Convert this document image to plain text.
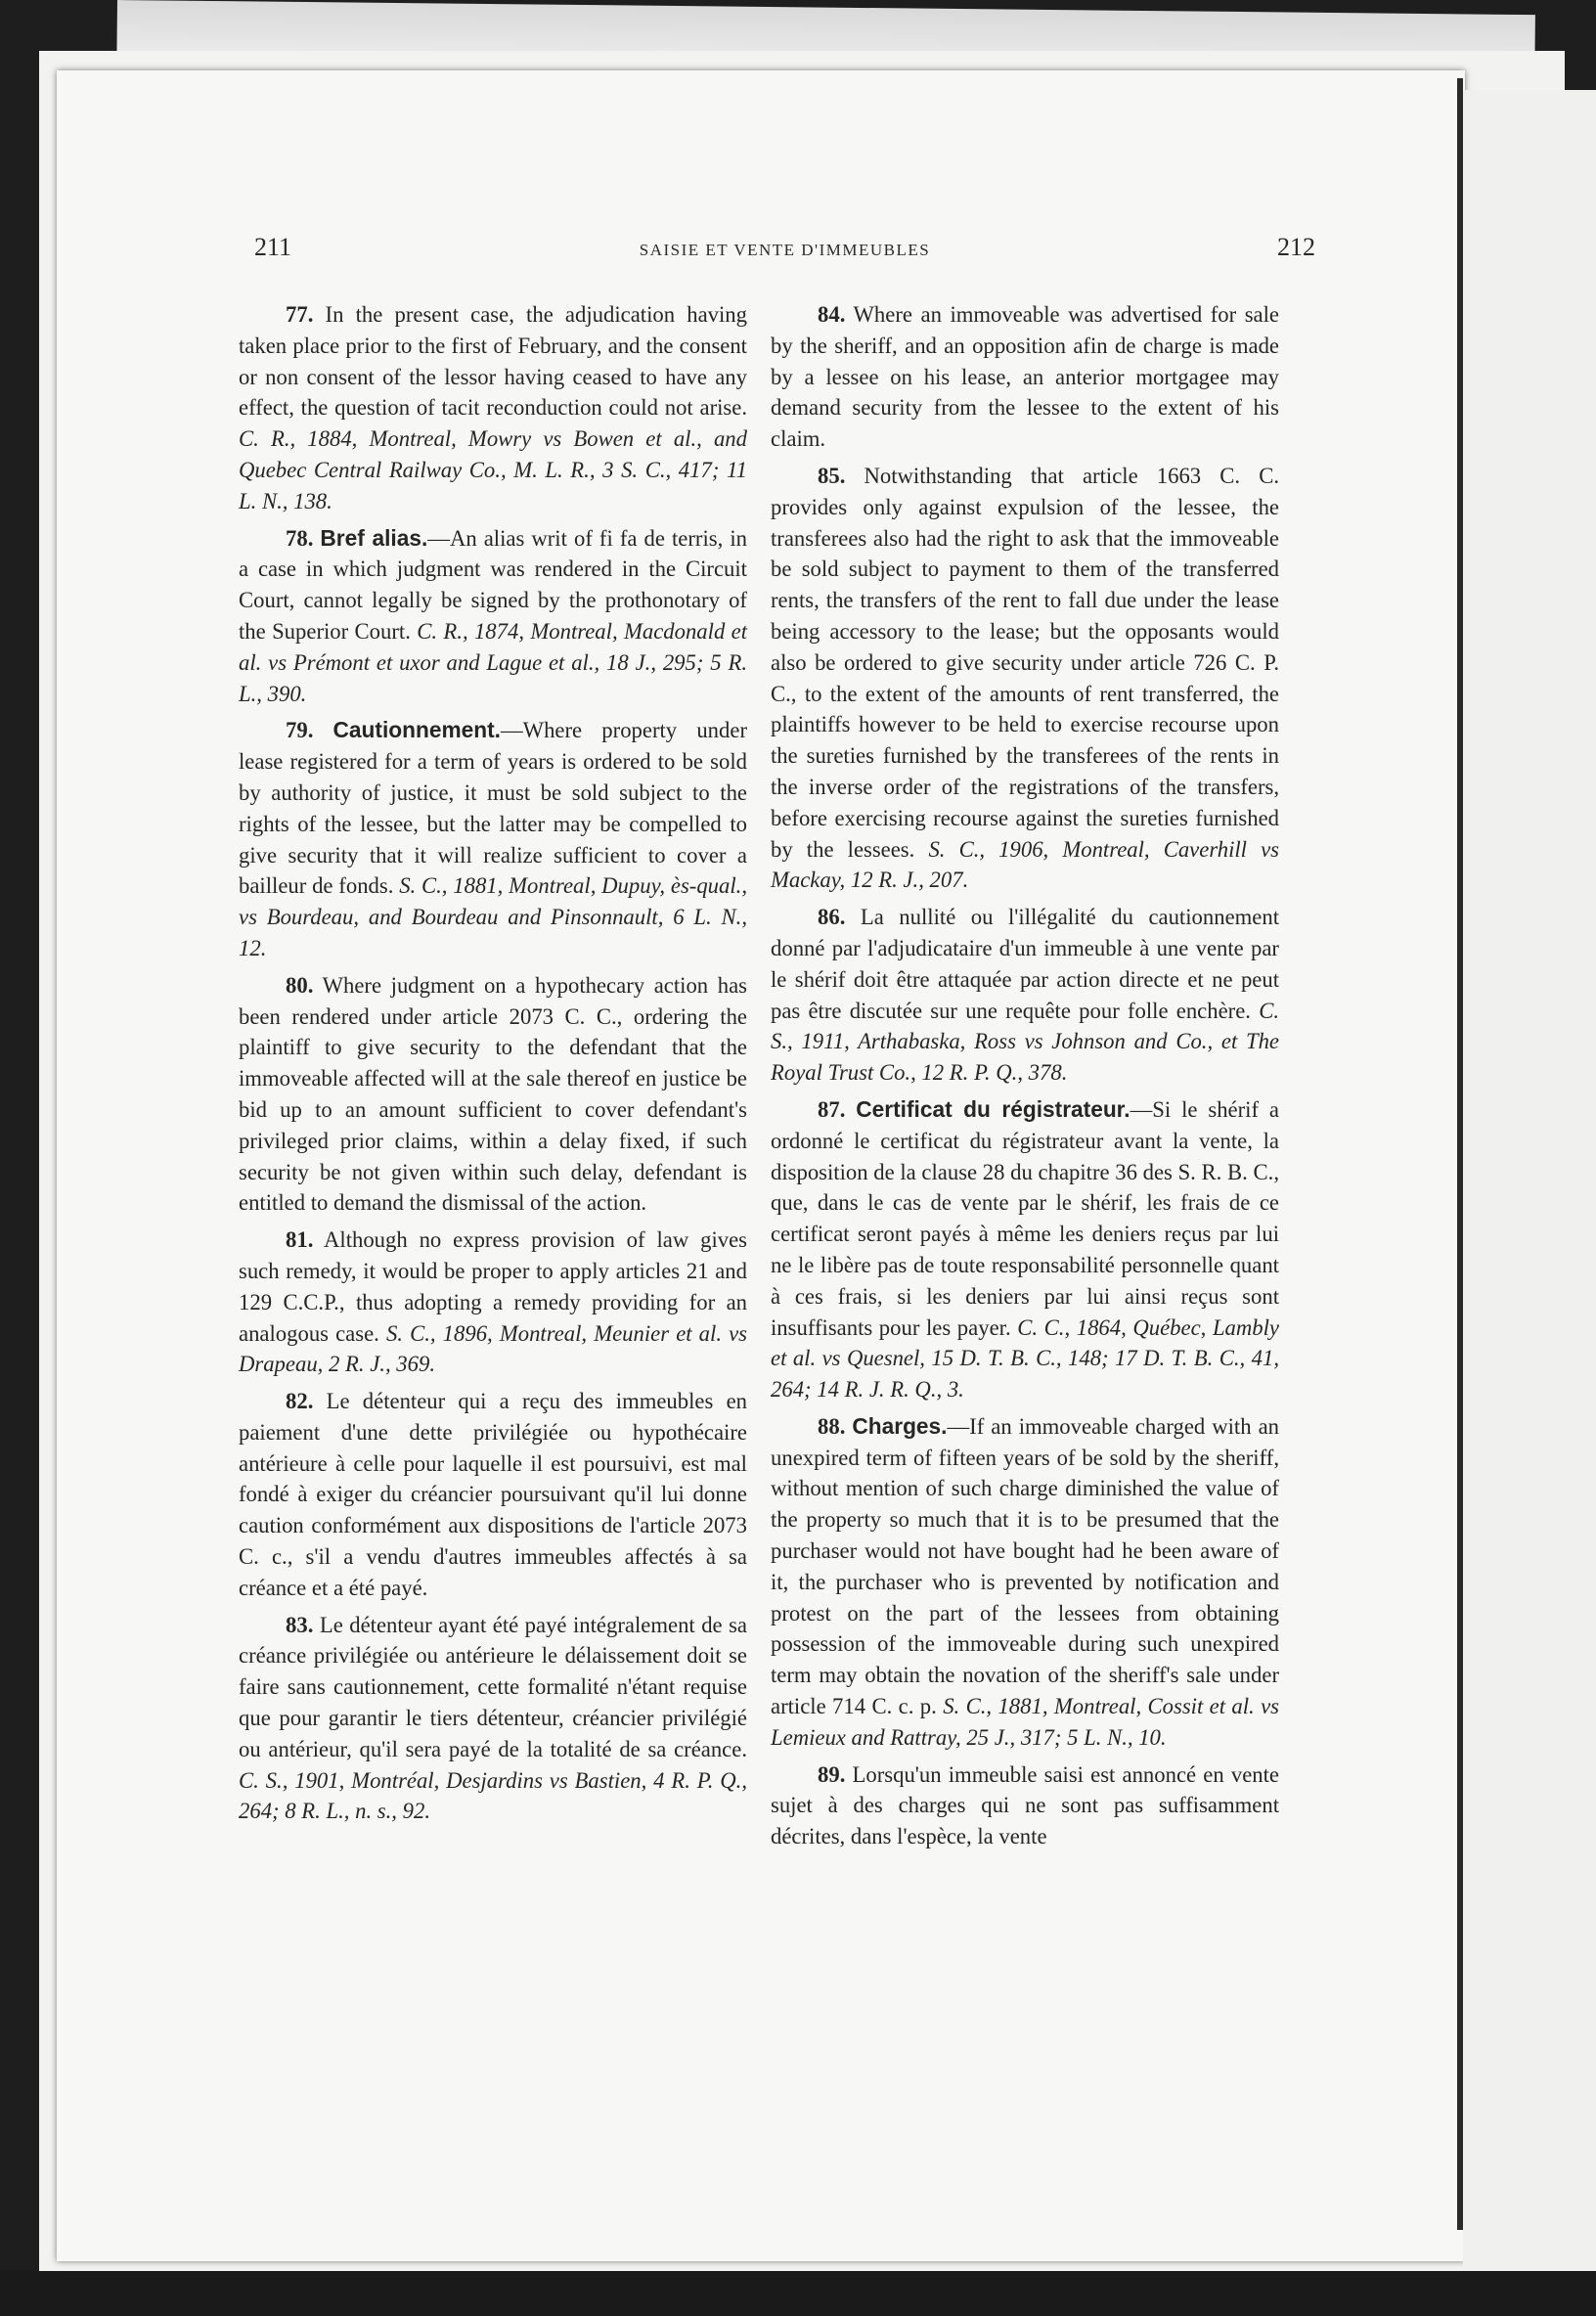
211	SAISIE ET VENTE D'IMMEUBLES	212

77. In the present case, the adjudication having taken place prior to the first of February, and the consent or non consent of the lessor having ceased to have any effect, the question of tacit reconduction could not arise. C. R., 1884, Montreal, Mowry vs Bowen et al., and Quebec Central Railway Co., M. L. R., 3 S. C., 417; 11 L. N., 138.

78. Bref alias.—An alias writ of fi fa de terris, in a case in which judgment was rendered in the Circuit Court, cannot legally be signed by the prothonotary of the Superior Court. C. R., 1874, Montreal, Macdonald et al. vs Prémont et uxor and Lague et al., 18 J., 295; 5 R. L., 390.

79. Cautionnement.—Where property under lease registered for a term of years is ordered to be sold by authority of justice, it must be sold subject to the rights of the lessee, but the latter may be compelled to give security that it will realize sufficient to cover a bailleur de fonds. S. C., 1881, Montreal, Dupuy, ès-qual., vs Bourdeau, and Bourdeau and Pinsonnault, 6 L. N., 12.

80. Where judgment on a hypothecary action has been rendered under article 2073 C. C., ordering the plaintiff to give security to the defendant that the immoveable affected will at the sale thereof en justice be bid up to an amount sufficient to cover defendant's privileged prior claims, within a delay fixed, if such security be not given within such delay, defendant is entitled to demand the dismissal of the action.

81. Although no express provision of law gives such remedy, it would be proper to apply articles 21 and 129 C.C.P., thus adopting a remedy providing for an analogous case. S. C., 1896, Montreal, Meunier et al. vs Drapeau, 2 R. J., 369.

82. Le détenteur qui a reçu des immeubles en paiement d'une dette privilégiée ou hypothécaire antérieure à celle pour laquelle il est poursuivi, est mal fondé à exiger du créancier poursuivant qu'il lui donne caution conformément aux dispositions de l'article 2073 C. c., s'il a vendu d'autres immeubles affectés à sa créance et a été payé.

83. Le détenteur ayant été payé intégralement de sa créance privilégiée ou antérieure le délaissement doit se faire sans cautionnement, cette formalité n'étant requise que pour garantir le tiers détenteur, créancier privilégié ou antérieur, qu'il sera payé de la totalité de sa créance. C. S., 1901, Montréal, Desjardins vs Bastien, 4 R. P. Q., 264; 8 R. L., n. s., 92.

84. Where an immoveable was advertised for sale by the sheriff, and an opposition afin de charge is made by a lessee on his lease, an anterior mortgagee may demand security from the lessee to the extent of his claim.

85. Notwithstanding that article 1663 C. C. provides only against expulsion of the lessee, the transferees also had the right to ask that the immoveable be sold subject to payment to them of the transferred rents, the transfers of the rent to fall due under the lease being accessory to the lease; but the opposants would also be ordered to give security under article 726 C. P. C., to the extent of the amounts of rent transferred, the plaintiffs however to be held to exercise recourse upon the sureties furnished by the transferees of the rents in the inverse order of the registrations of the transfers, before exercising recourse against the sureties furnished by the lessees. S. C., 1906, Montreal, Caverhill vs Mackay, 12 R. J., 207.

86. La nullité ou l'illégalité du cautionnement donné par l'adjudicataire d'un immeuble à une vente par le shérif doit être attaquée par action directe et ne peut pas être discutée sur une requête pour folle enchère. C. S., 1911, Arthabaska, Ross vs Johnson and Co., et The Royal Trust Co., 12 R. P. Q., 378.

87. Certificat du régistrateur.—Si le shérif a ordonné le certificat du régistrateur avant la vente, la disposition de la clause 28 du chapitre 36 des S. R. B. C., que, dans le cas de vente par le shérif, les frais de ce certificat seront payés à même les deniers reçus par lui ne le libère pas de toute responsabilité personnelle quant à ces frais, si les deniers par lui ainsi reçus sont insuffisants pour les payer. C. C., 1864, Québec, Lambly et al. vs Quesnel, 15 D. T. B. C., 148; 17 D. T. B. C., 41, 264; 14 R. J. R. Q., 3.

88. Charges.—If an immoveable charged with an unexpired term of fifteen years of be sold by the sheriff, without mention of such charge diminished the value of the property so much that it is to be presumed that the purchaser would not have bought had he been aware of it, the purchaser who is prevented by notification and protest on the part of the lessees from obtaining possession of the immoveable during such unexpired term may obtain the novation of the sheriff's sale under article 714 C. c. p. S. C., 1881, Montreal, Cossit et al. vs Lemieux and Rattray, 25 J., 317; 5 L. N., 10.

89. Lorsqu'un immeuble saisi est annoncé en vente sujet à des charges qui ne sont pas suffisamment décrites, dans l'espèce, la vente
